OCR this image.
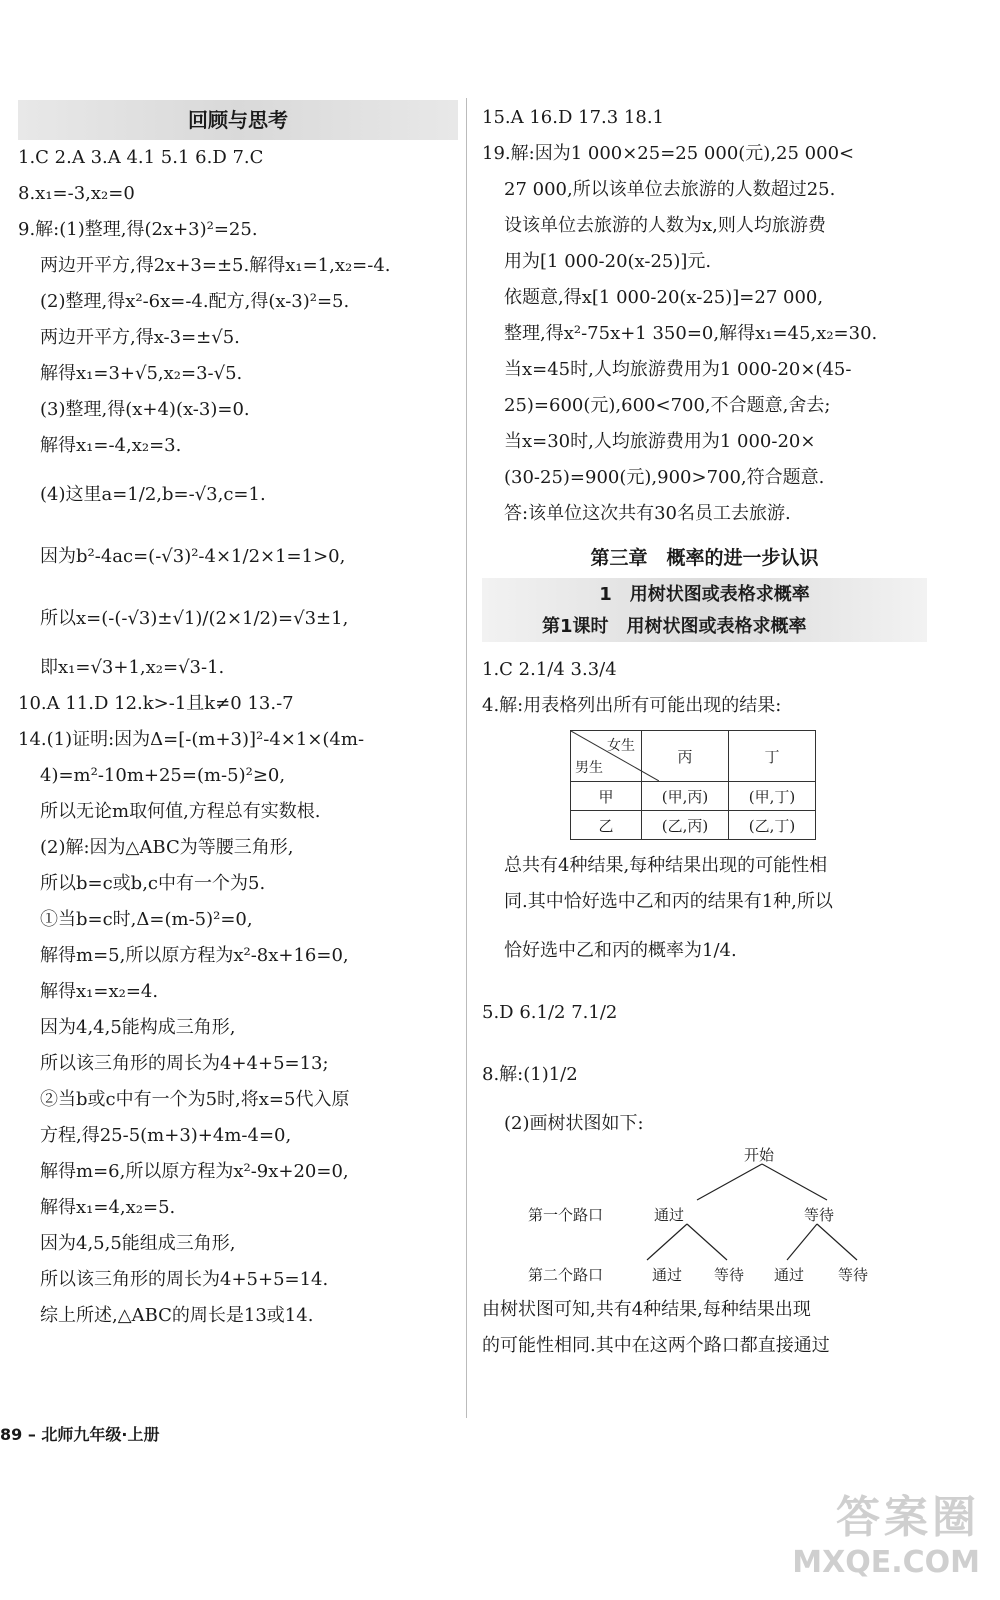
回顾与思考
1.C 2.A 3.A 4.1 5.1 6.D 7.C
8.x₁=-3,x₂=0
9.解:(1)整理,得(2x+3)²=25.
两边开平方,得2x+3=±5.解得x₁=1,x₂=-4.
(2)整理,得x²-6x=-4.配方,得(x-3)²=5.
两边开平方,得x-3=±√5.
解得x₁=3+√5,x₂=3-√5.
(3)整理,得(x+4)(x-3)=0.
解得x₁=-4,x₂=3.
(4)这里a=1/2,b=-√3,c=1.
因为b²-4ac=(-√3)²-4×1/2×1=1>0,
所以x=(-(-√3)±√1)/(2×1/2)=√3±1,
即x₁=√3+1,x₂=√3-1.
10.A 11.D 12.k>-1且k≠0 13.-7
14.(1)证明:因为Δ=[-(m+3)]²-4×1×(4m-
4)=m²-10m+25=(m-5)²≥0,
所以无论m取何值,方程总有实数根.
(2)解:因为△ABC为等腰三角形,
所以b=c或b,c中有一个为5.
①当b=c时,Δ=(m-5)²=0,
解得m=5,所以原方程为x²-8x+16=0,
解得x₁=x₂=4.
因为4,4,5能构成三角形,
所以该三角形的周长为4+4+5=13;
②当b或c中有一个为5时,将x=5代入原
方程,得25-5(m+3)+4m-4=0,
解得m=6,所以原方程为x²-9x+20=0,
解得x₁=4,x₂=5.
因为4,5,5能组成三角形,
所以该三角形的周长为4+5+5=14.
综上所述,△ABC的周长是13或14.
15.A 16.D 17.3 18.1
19.解:因为1 000×25=25 000(元),25 000<
27 000,所以该单位去旅游的人数超过25.
设该单位去旅游的人数为x,则人均旅游费
用为[1 000-20(x-25)]元.
依题意,得x[1 000-20(x-25)]=27 000,
整理,得x²-75x+1 350=0,解得x₁=45,x₂=30.
当x=45时,人均旅游费用为1 000-20×(45-
25)=600(元),600<700,不合题意,舍去;
当x=30时,人均旅游费用为1 000-20×
(30-25)=900(元),900>700,符合题意.
答:该单位这次共有30名员工去旅游.
第三章　概率的进一步认识
1　用树状图或表格求概率
第1课时　用树状图或表格求概率
1.C 2.1/4 3.3/4
4.解:用表格列出所有可能出现的结果:
女生
男生	丙	丁
甲	(甲,丙)	(甲,丁)
乙	(乙,丙)	(乙,丁)
总共有4种结果,每种结果出现的可能性相
同.其中恰好选中乙和丙的结果有1种,所以
恰好选中乙和丙的概率为1/4.
5.D 6.1/2 7.1/2
8.解:(1)1/2
(2)画树状图如下:
开始
第一个路口	通过	等待
第二个路口	通过 等待 通过 等待
由树状图可知,共有4种结果,每种结果出现
的可能性相同.其中在这两个路口都直接通过
89 – 北师九年级·上册
答案圈
MXQE.COM
